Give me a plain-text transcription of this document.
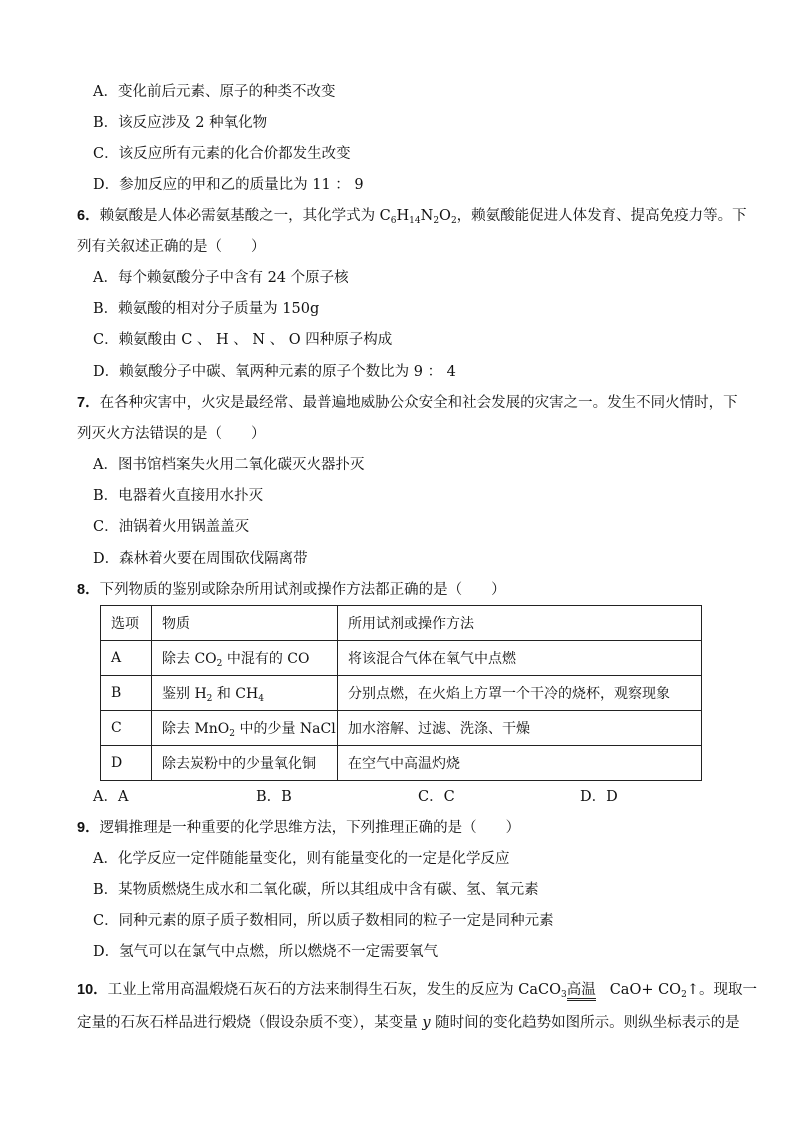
A．变化前后元素、原子的种类不改变
B．该反应涉及 2 种氧化物
C．该反应所有元素的化合价都发生改变
D．参加反应的甲和乙的质量比为 11 ： 9
6．赖氨酸是人体必需氨基酸之一，其化学式为 $C_6H_{14}N_2O_2$，赖氨酸能促进人体发育、提高免疫力等。下
列有关叙述正确的是（　　）
A．每个赖氨酸分子中含有 24 个原子核
B．赖氨酸的相对分子质量为 150g
C．赖氨酸由 C 、 H 、 N 、 O 四种原子构成
D．赖氨酸分子中碳、氧两种元素的原子个数比为 9 ： 4
7．在各种灾害中，火灾是最经常、最普遍地威胁公众安全和社会发展的灾害之一。发生不同火情时，下
列灭火方法错误的是（　　）
A．图书馆档案失火用二氧化碳灭火器扑灭
B．电器着火直接用水扑灭
C．油锅着火用锅盖盖灭
D．森林着火要在周围砍伐隔离带
8．下列物质的鉴别或除杂所用试剂或操作方法都正确的是（　　）
选项	物质	所用试剂或操作方法
A	除去 $CO_2$ 中混有的 CO	将该混合气体在氧气中点燃
B	鉴别 $H_2$ 和 $CH_4$	分别点燃，在火焰上方罩一个干冷的烧杯，观察现象
C	除去 MnO$_2$ 中的少量 NaCl	加水溶解、过滤、洗涤、干燥
D	除去炭粉中的少量氧化铜	在空气中高温灼烧
A．A	B．B	C．C	D．D
9．逻辑推理是一种重要的化学思维方法，下列推理正确的是（　　）
A．化学反应一定伴随能量变化，则有能量变化的一定是化学反应
B．某物质燃烧生成水和二氧化碳，所以其组成中含有碳、氢、氧元素
C．同种元素的原子质子数相同，所以质子数相同的粒子一定是同种元素
D．氢气可以在氯气中点燃，所以燃烧不一定需要氧气
10．工业上常用高温煅烧石灰石的方法来制得生石灰，发生的反应为 CaCO$_3$高温 $CaO+ CO_2↑$。现取一
定量的石灰石样品进行煅烧（假设杂质不变），某变量 y 随时间的变化趋势如图所示。则纵坐标表示的是
